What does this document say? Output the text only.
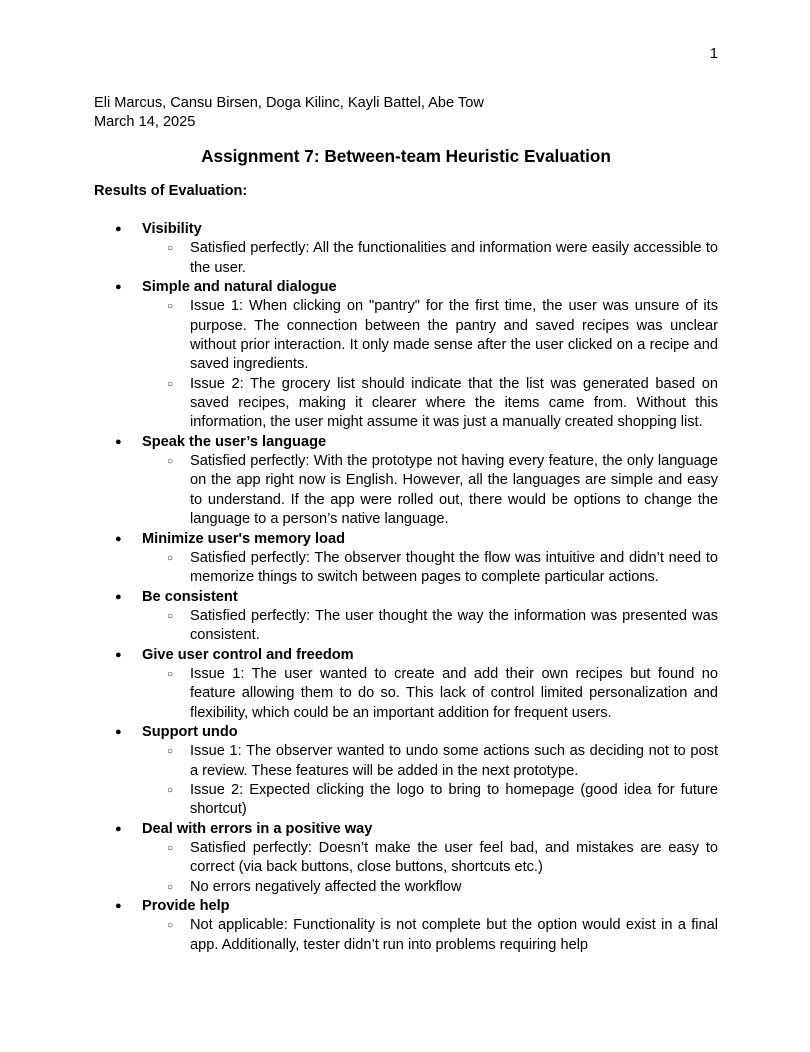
1
Eli Marcus, Cansu Birsen, Doga Kilinc, Kayli Battel, Abe Tow
March 14, 2025
Assignment 7: Between-team Heuristic Evaluation
Results of Evaluation:
● Visibility
○ Satisfied perfectly: All the functionalities and information were easily accessible to the user.
● Simple and natural dialogue
○ Issue 1: When clicking on "pantry" for the first time, the user was unsure of its purpose. The connection between the pantry and saved recipes was unclear without prior interaction. It only made sense after the user clicked on a recipe and saved ingredients.
○ Issue 2: The grocery list should indicate that the list was generated based on saved recipes, making it clearer where the items came from. Without this information, the user might assume it was just a manually created shopping list.
● Speak the user’s language
○ Satisfied perfectly: With the prototype not having every feature, the only language on the app right now is English. However, all the languages are simple and easy to understand. If the app were rolled out, there would be options to change the language to a person’s native language.
● Minimize user's memory load
○ Satisfied perfectly: The observer thought the flow was intuitive and didn’t need to memorize things to switch between pages to complete particular actions.
● Be consistent
○ Satisfied perfectly: The user thought the way the information was presented was consistent.
● Give user control and freedom
○ Issue 1: The user wanted to create and add their own recipes but found no feature allowing them to do so. This lack of control limited personalization and flexibility, which could be an important addition for frequent users.
● Support undo
○ Issue 1: The observer wanted to undo some actions such as deciding not to post a review. These features will be added in the next prototype.
○ Issue 2: Expected clicking the logo to bring to homepage (good idea for future shortcut)
● Deal with errors in a positive way
○ Satisfied perfectly: Doesn’t make the user feel bad, and mistakes are easy to correct (via back buttons, close buttons, shortcuts etc.)
○ No errors negatively affected the workflow
● Provide help
○ Not applicable: Functionality is not complete but the option would exist in a final app. Additionally, tester didn’t run into problems requiring help
